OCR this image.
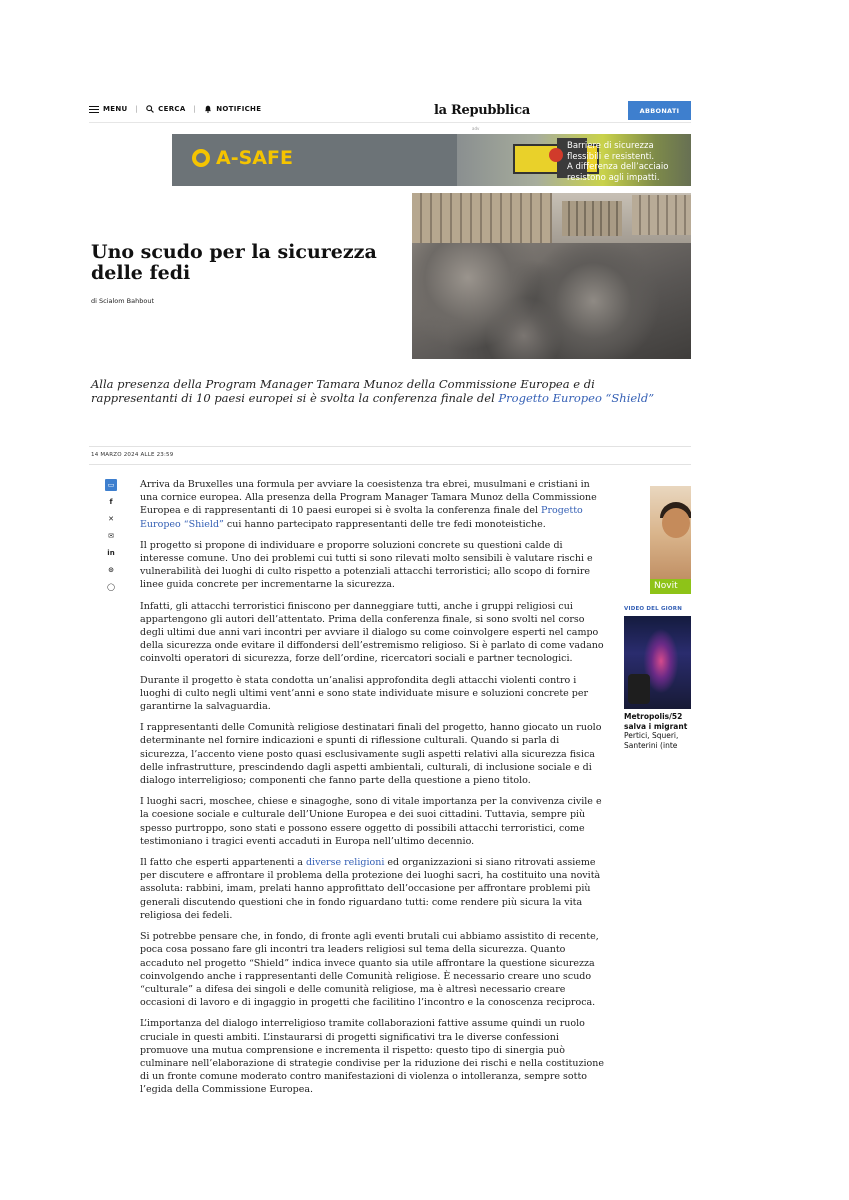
MENU |	CERCA |	NOTIFICHE	la Repubblica	ABBONATI
adv
A-SAFE
Barriere di sicurezza
flessibili e resistenti.
A differenza dell’acciaio
resistono agli impatti.
Uno scudo per la sicurezza delle fedi
di Scialom Bahbout

Alla presenza della Program Manager Tamara Munoz della Commissione Europea e di rappresentanti di 10 paesi europei si è svolta la conferenza finale del Progetto Europeo “Shield”

14 MARZO 2024 ALLE 23:59
▭
f
✕
✉
in
⊙
◯

Arriva da Bruxelles una formula per avviare la coesistenza tra ebrei, musulmani e cristiani in una cornice europea. Alla presenza della Program Manager Tamara Munoz della Commissione Europea e di rappresentanti di 10 paesi europei si è svolta la conferenza finale del Progetto Europeo “Shield” cui hanno partecipato rappresentanti delle tre fedi monoteistiche.

Il progetto si propone di individuare e proporre soluzioni concrete su questioni calde di interesse comune. Uno dei problemi cui tutti si sono rilevati molto sensibili è valutare rischi e vulnerabilità dei luoghi di culto rispetto a potenziali attacchi terroristici; allo scopo di fornire linee guida concrete per incrementarne la sicurezza.

Infatti, gli attacchi terroristici finiscono per danneggiare tutti, anche i gruppi religiosi cui appartengono gli autori dell’attentato. Prima della conferenza finale, si sono svolti nel corso degli ultimi due anni vari incontri per avviare il dialogo su come coinvolgere esperti nel campo della sicurezza onde evitare il diffondersi dell’estremismo religioso. Si è parlato di come vadano coinvolti operatori di sicurezza, forze dell’ordine, ricercatori sociali e partner tecnologici.

Durante il progetto è stata condotta un’analisi approfondita degli attacchi violenti contro i luoghi di culto negli ultimi vent’anni e sono state individuate misure e soluzioni concrete per garantirne la salvaguardia.

I rappresentanti delle Comunità religiose destinatari finali del progetto, hanno giocato un ruolo determinante nel fornire indicazioni e spunti di riflessione culturali. Quando si parla di sicurezza, l’accento viene posto quasi esclusivamente sugli aspetti relativi alla sicurezza fisica delle infrastrutture, prescindendo dagli aspetti ambientali, culturali, di inclusione sociale e di dialogo interreligioso; componenti che fanno parte della questione a pieno titolo.

I luoghi sacri, moschee, chiese e sinagoghe, sono di vitale importanza per la convivenza civile e la coesione sociale e culturale dell’Unione Europea e dei suoi cittadini. Tuttavia, sempre più spesso purtroppo, sono stati e possono essere oggetto di possibili attacchi terroristici, come testimoniano i tragici eventi accaduti in Europa nell’ultimo decennio.

Il fatto che esperti appartenenti a diverse religioni ed organizzazioni si siano ritrovati assieme per discutere e affrontare il problema della protezione dei luoghi sacri, ha costituito una novità assoluta: rabbini, imam, prelati hanno approfittato dell’occasione per affrontare problemi più generali discutendo questioni che in fondo riguardano tutti: come rendere più sicura la vita religiosa dei fedeli.

Si potrebbe pensare che, in fondo, di fronte agli eventi brutali cui abbiamo assistito di recente, poca cosa possano fare gli incontri tra leaders religiosi sul tema della sicurezza. Quanto accaduto nel progetto “Shield” indica invece quanto sia utile affrontare la questione sicurezza coinvolgendo anche i rappresentanti delle Comunità religiose. È necessario creare uno scudo “culturale” a difesa dei singoli e delle comunità religiose, ma è altresì necessario creare occasioni di lavoro e di ingaggio in progetti che facilitino l’incontro e la conoscenza reciproca.

L’importanza del dialogo interreligioso tramite collaborazioni fattive assume quindi un ruolo cruciale in questi ambiti. L’instaurarsi di progetti significativi tra le diverse confessioni promuove una mutua comprensione e incrementa il rispetto: questo tipo di sinergia può culminare nell’elaborazione di strategie condivise per la riduzione dei rischi e nella costituzione di un fronte comune moderato contro manifestazioni di violenza o intolleranza, sempre sotto l’egida della Commissione Europea.

Novit
VIDEO DEL GIORN
Metropolis/52
salva i migrant
Pertici, Squeri,
Santerini (inte
